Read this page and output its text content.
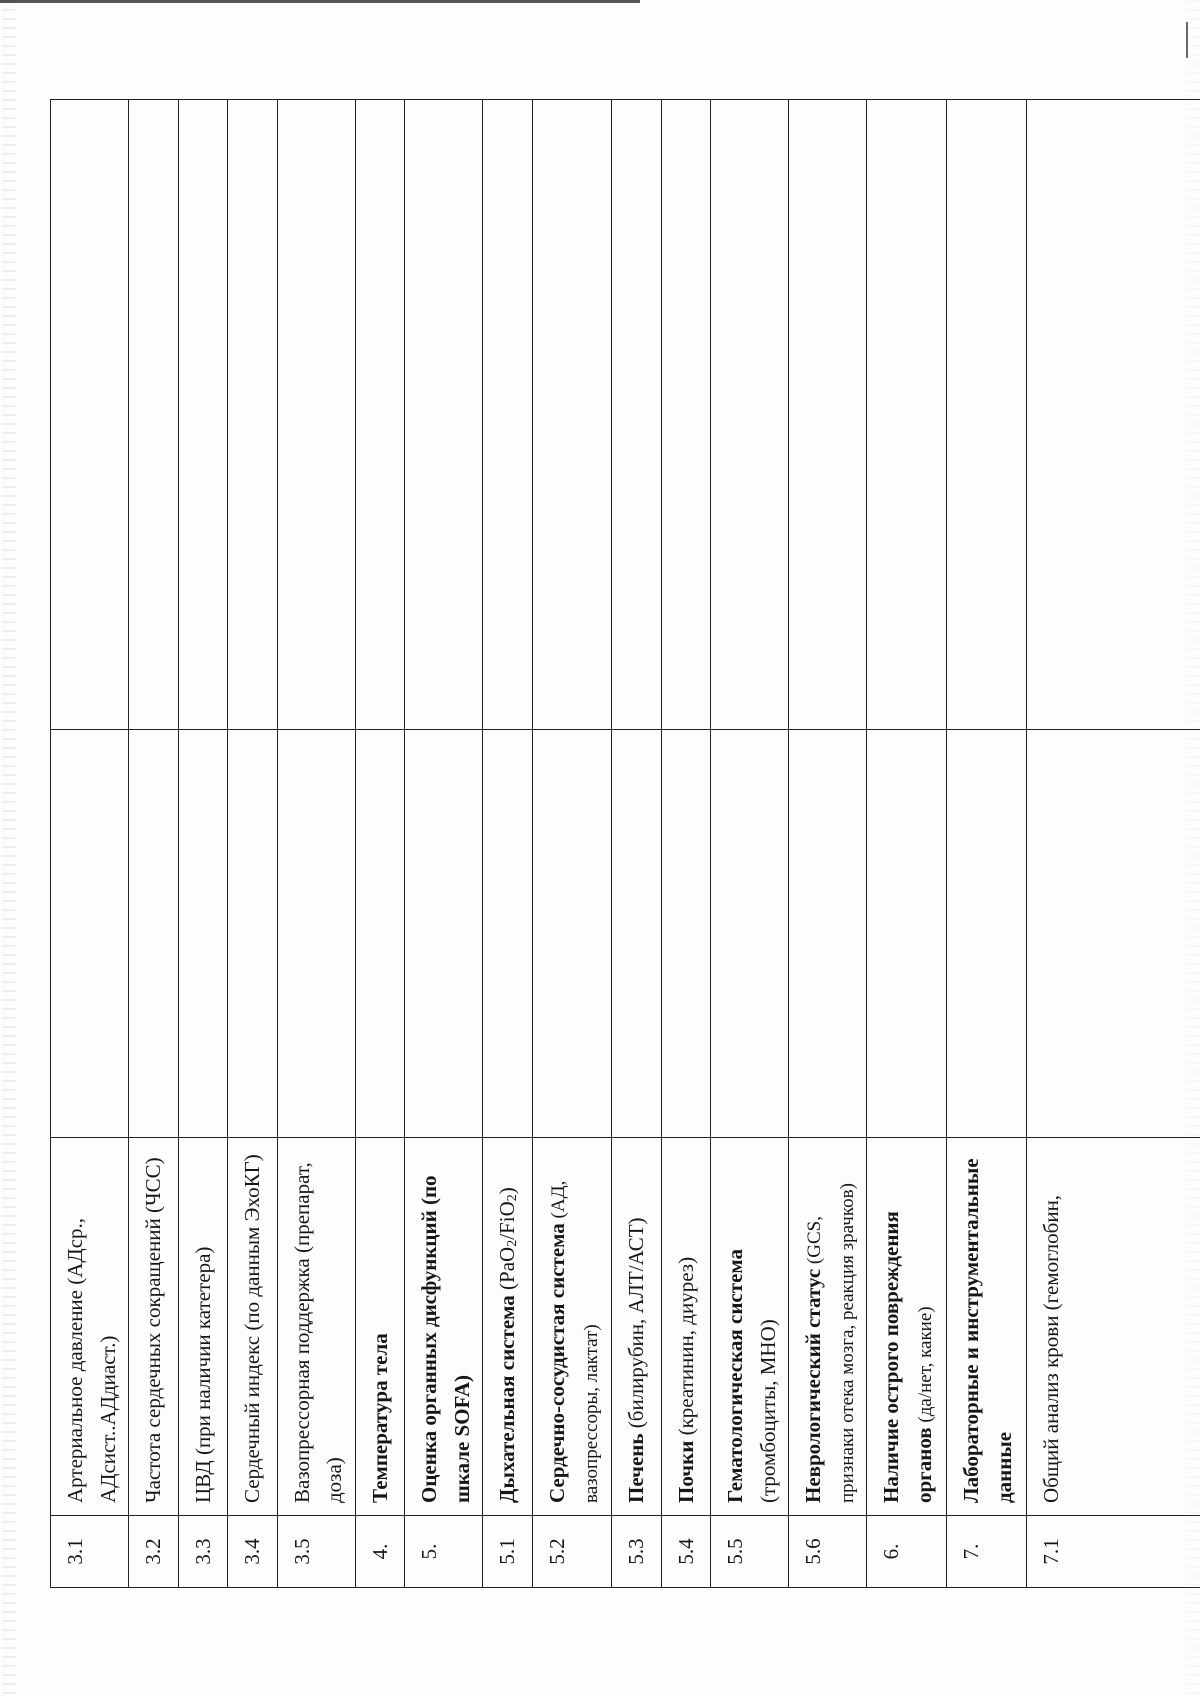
3.1	Артериальное давление (АДср., АДсист..АДдиаст.)		
3.2	Частота сердечных сокращений (ЧСС)		
3.3	ЦВД (при наличии катетера)		
3.4	Сердечный индекс (по данным ЭхоКГ)		
3.5	Вазопрессорная поддержка (препарат, доза)		
4.	Температура тела		
5.	Оценка органных дисфункций (по шкале SOFA)		
5.1	Дыхательная система (PaO2/FiO2)		
5.2	Сердечно-сосудистая система (АД, вазопрессоры, лактат)		
5.3	Печень (билирубин, АЛТ/АСТ)		
5.4	Почки (креатинин, диурез)		
5.5	Гематологическая система (тромбоциты, МНО)		
5.6	Неврологический статус (GCS, признаки отека мозга, реакция зрачков)		
6.	Наличие острого повреждения органов (да/нет, какие)		
7.	Лабораторные и инструментальные данные		
7.1	Общий анализ крови (гемоглобин,		
